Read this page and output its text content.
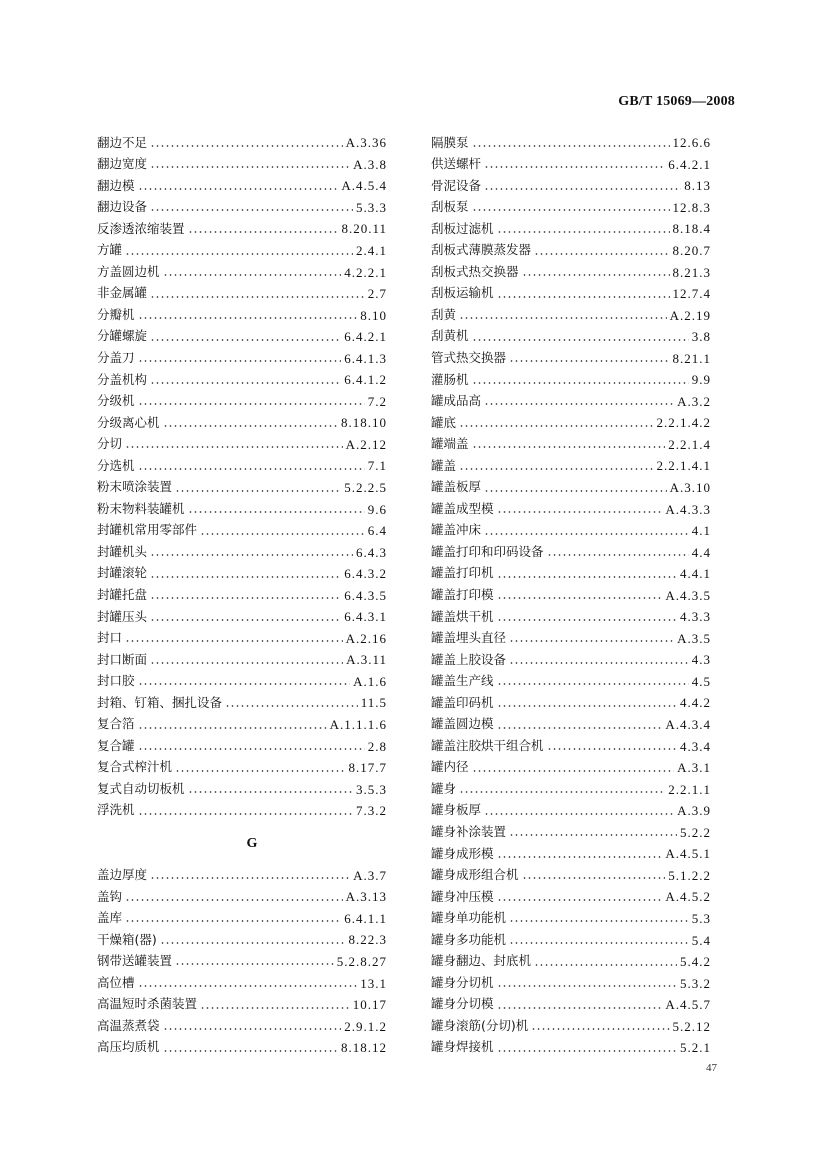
GB/T 15069—2008
翻边不足	A.3.36
翻边宽度	A.3.8
翻边模	A.4.5.4
翻边设备	5.3.3
反渗透浓缩装置	8.20.11
方罐	2.4.1
方盖圆边机	4.2.2.1
非金属罐	2.7
分瓣机	8.10
分罐螺旋	6.4.2.1
分盖刀	6.4.1.3
分盖机构	6.4.1.2
分级机	7.2
分级离心机	8.18.10
分切	A.2.12
分选机	7.1
粉末喷涂装置	5.2.2.5
粉末物料装罐机	9.6
封罐机常用零部件	6.4
封罐机头	6.4.3
封罐滚轮	6.4.3.2
封罐托盘	6.4.3.5
封罐压头	6.4.3.1
封口	A.2.16
封口断面	A.3.11
封口胶	A.1.6
封箱、钉箱、捆扎设备	11.5
复合箔	A.1.1.1.6
复合罐	2.8
复合式榨汁机	8.17.7
复式自动切板机	3.5.3
浮洗机	7.3.2
G
盖边厚度	A.3.7
盖钩	A.3.13
盖库	6.4.1.1
干燥箱(器)	8.22.3
钢带送罐装置	5.2.8.27
高位槽	13.1
高温短时杀菌装置	10.17
高温蒸煮袋	2.9.1.2
高压均质机	8.18.12
隔膜泵	12.6.6
供送螺杆	6.4.2.1
骨泥设备	8.13
刮板泵	12.8.3
刮板过滤机	8.18.4
刮板式薄膜蒸发器	8.20.7
刮板式热交换器	8.21.3
刮板运输机	12.7.4
刮黄	A.2.19
刮黄机	3.8
管式热交换器	8.21.1
灌肠机	9.9
罐成品高	A.3.2
罐底	2.2.1.4.2
罐端盖	2.2.1.4
罐盖	2.2.1.4.1
罐盖板厚	A.3.10
罐盖成型模	A.4.3.3
罐盖冲床	4.1
罐盖打印和印码设备	4.4
罐盖打印机	4.4.1
罐盖打印模	A.4.3.5
罐盖烘干机	4.3.3
罐盖埋头直径	A.3.5
罐盖上胶设备	4.3
罐盖生产线	4.5
罐盖印码机	4.4.2
罐盖圆边模	A.4.3.4
罐盖注胶烘干组合机	4.3.4
罐内径	A.3.1
罐身	2.2.1.1
罐身板厚	A.3.9
罐身补涂装置	5.2.2
罐身成形模	A.4.5.1
罐身成形组合机	5.1.2.2
罐身冲压模	A.4.5.2
罐身单功能机	5.3
罐身多功能机	5.4
罐身翻边、封底机	5.4.2
罐身分切机	5.3.2
罐身分切模	A.4.5.7
罐身滚筋(分切)机	5.2.12
罐身焊接机	5.2.1
47
